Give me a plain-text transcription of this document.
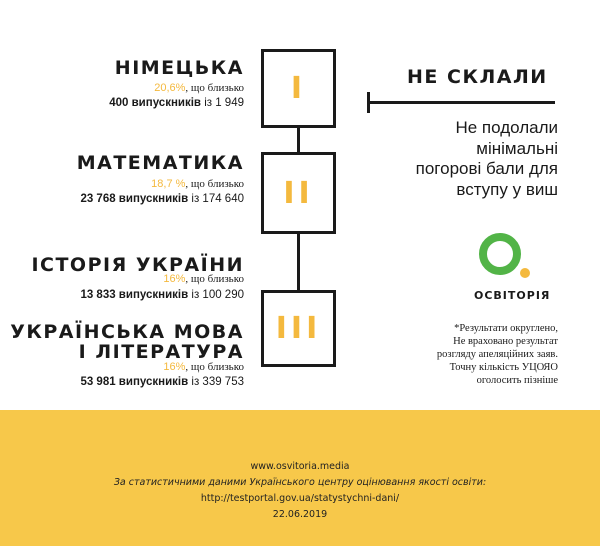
НІМЕЦЬКА
20,6%, що близько
400 випускників із 1 949
МАТЕМАТИКА
18,7 %, що близько
23 768 випускників із 174 640
ІСТОРІЯ УКРАЇНИ
16%, що близько
13 833 випускників із 100 290
УКРАЇНСЬКА МОВА
І ЛІТЕРАТУРА
16%, що близько
53 981 випускників із 339 753
I
II
III
НЕ СКЛАЛИ
Не подолали
мінімальні
погорові бали для
вступу у виш
ОСВІТОРІЯ
*Результати округлено,
Не враховано результат
розгляду апеляційних заяв.
Точну кількість УЦОЯО
оголосить пізніше
www.osvitoria.media
За статистичними даними Українського центру оцінювання якості освіти:
http://testportal.gov.ua/statystychni-dani/
22.06.2019
